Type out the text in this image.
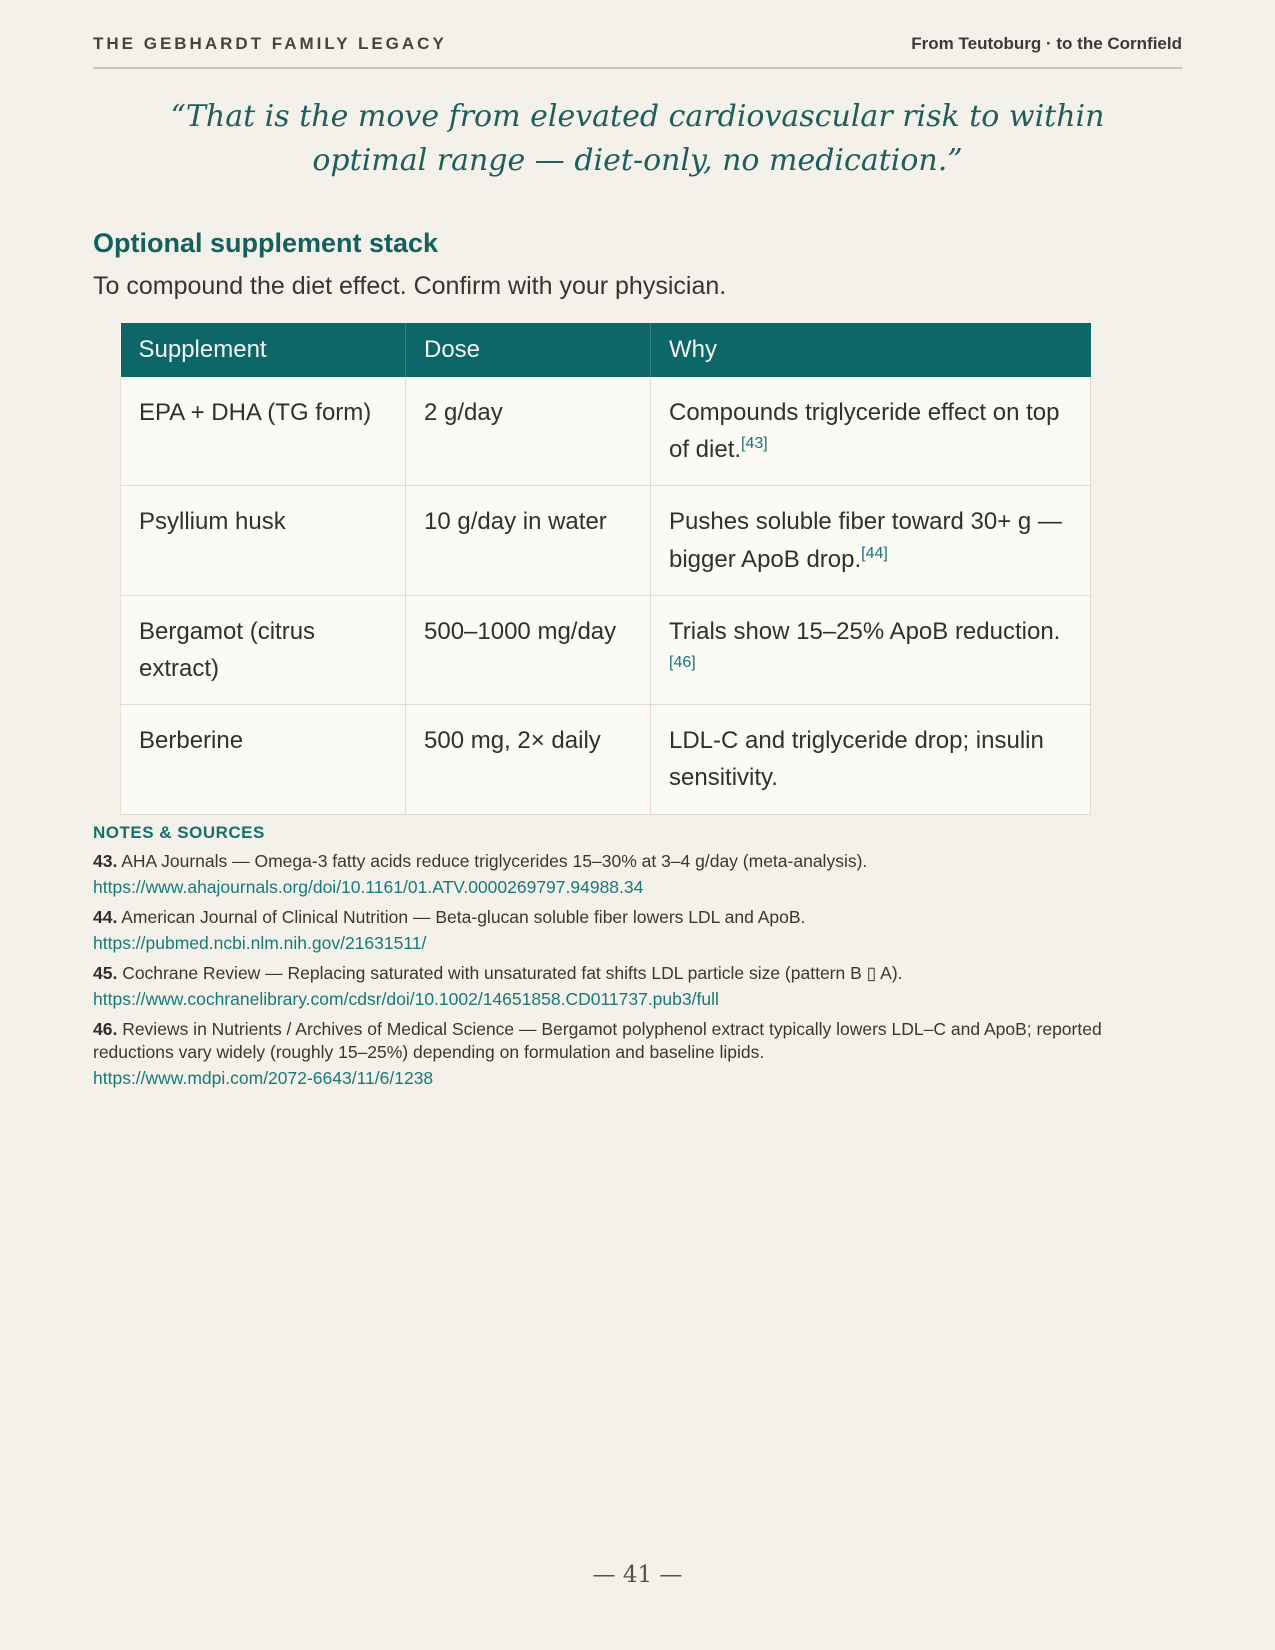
THE GEBHARDT FAMILY LEGACY	From Teutoburg · to the Cornfield
“That is the move from elevated cardiovascular risk to within optimal range — diet-only, no medication.”
Optional supplement stack
To compound the diet effect. Confirm with your physician.
Supplement	Dose	Why
EPA + DHA (TG form)	2 g/day	Compounds triglyceride effect on top of diet.[43]
Psyllium husk	10 g/day in water	Pushes soluble fiber toward 30+ g — bigger ApoB drop.[44]
Bergamot (citrus extract)	500–1000 mg/day	Trials show 15–25% ApoB reduction.[46]
Berberine	500 mg, 2× daily	LDL-C and triglyceride drop; insulin sensitivity.
NOTES & SOURCES
43. AHA Journals — Omega-3 fatty acids reduce triglycerides 15–30% at 3–4 g/day (meta-analysis).
https://www.ahajournals.org/doi/10.1161/01.ATV.0000269797.94988.34
44. American Journal of Clinical Nutrition — Beta-glucan soluble fiber lowers LDL and ApoB.
https://pubmed.ncbi.nlm.nih.gov/21631511/
45. Cochrane Review — Replacing saturated with unsaturated fat shifts LDL particle size (pattern B ▯ A).
https://www.cochranelibrary.com/cdsr/doi/10.1002/14651858.CD011737.pub3/full
46. Reviews in Nutrients / Archives of Medical Science — Bergamot polyphenol extract typically lowers LDL–C and ApoB; reported reductions vary widely (roughly 15–25%) depending on formulation and baseline lipids.
https://www.mdpi.com/2072-6643/11/6/1238
— 41 —
